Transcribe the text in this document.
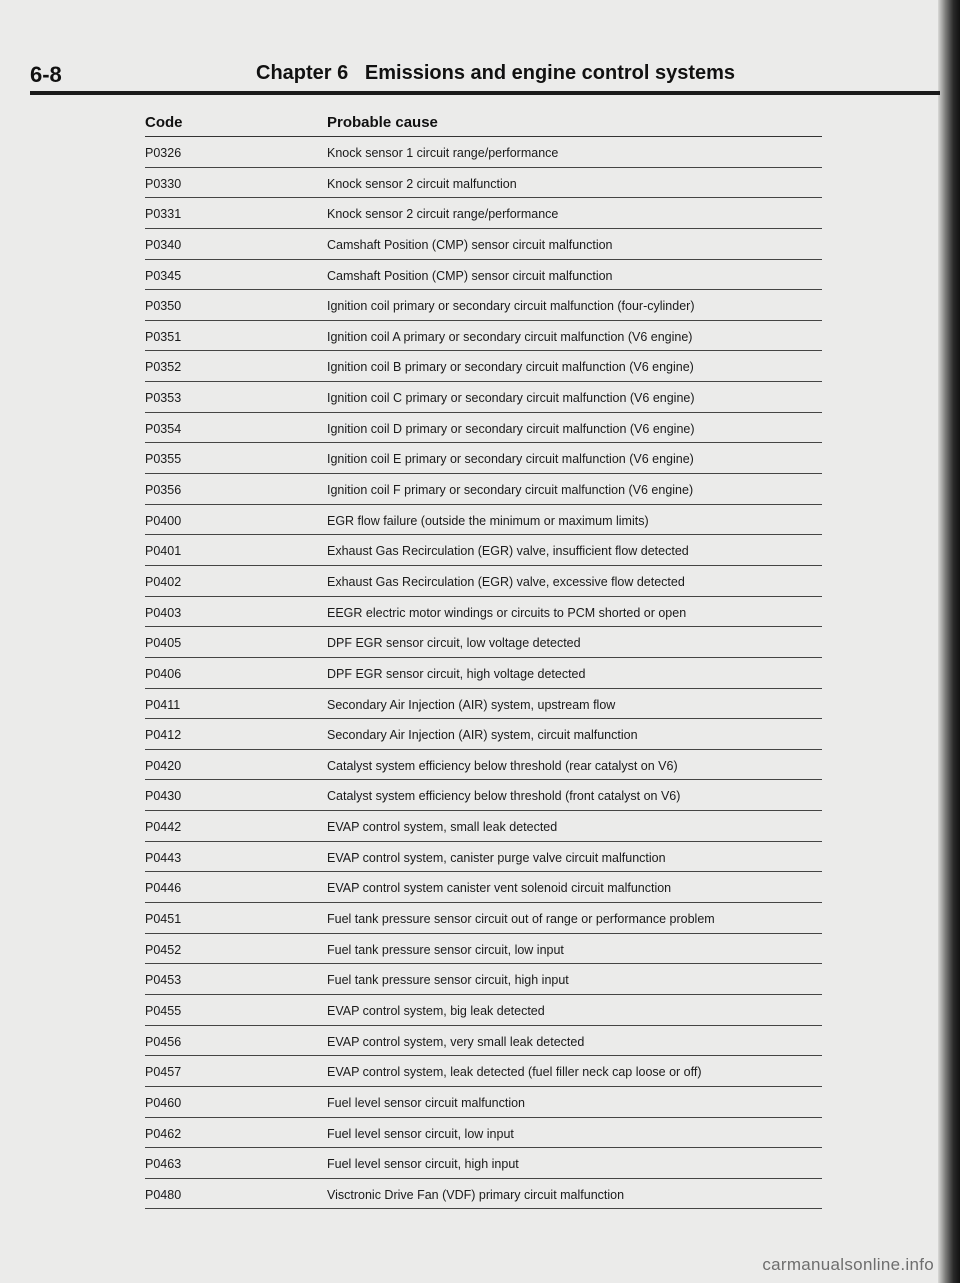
6-8	Chapter 6   Emissions and engine control systems
Code	Probable cause
P0326	Knock sensor 1 circuit range/performance
P0330	Knock sensor 2 circuit malfunction
P0331	Knock sensor 2 circuit range/performance
P0340	Camshaft Position (CMP) sensor circuit malfunction
P0345	Camshaft Position (CMP) sensor circuit malfunction
P0350	Ignition coil primary or secondary circuit malfunction (four-cylinder)
P0351	Ignition coil A primary or secondary circuit malfunction (V6 engine)
P0352	Ignition coil B primary or secondary circuit malfunction (V6 engine)
P0353	Ignition coil C primary or secondary circuit malfunction (V6 engine)
P0354	Ignition coil D primary or secondary circuit malfunction (V6 engine)
P0355	Ignition coil E primary or secondary circuit malfunction (V6 engine)
P0356	Ignition coil F primary or secondary circuit malfunction (V6 engine)
P0400	EGR flow failure (outside the minimum or maximum limits)
P0401	Exhaust Gas Recirculation (EGR) valve, insufficient flow detected
P0402	Exhaust Gas Recirculation (EGR) valve, excessive flow detected
P0403	EEGR electric motor windings or circuits to PCM shorted or open
P0405	DPF EGR sensor circuit, low voltage detected
P0406	DPF EGR sensor circuit, high voltage detected
P0411	Secondary Air Injection (AIR) system, upstream flow
P0412	Secondary Air Injection (AIR) system, circuit malfunction
P0420	Catalyst system efficiency below threshold (rear catalyst on V6)
P0430	Catalyst system efficiency below threshold (front catalyst on V6)
P0442	EVAP control system, small leak detected
P0443	EVAP control system, canister purge valve circuit malfunction
P0446	EVAP control system canister vent solenoid circuit malfunction
P0451	Fuel tank pressure sensor circuit out of range or performance problem
P0452	Fuel tank pressure sensor circuit, low input
P0453	Fuel tank pressure sensor circuit, high input
P0455	EVAP control system, big leak detected
P0456	EVAP control system, very small leak detected
P0457	EVAP control system, leak detected (fuel filler neck cap loose or off)
P0460	Fuel level sensor circuit malfunction
P0462	Fuel level sensor circuit, low input
P0463	Fuel level sensor circuit, high input
P0480	Visctronic Drive Fan (VDF) primary circuit malfunction
carmanualsonline.info
